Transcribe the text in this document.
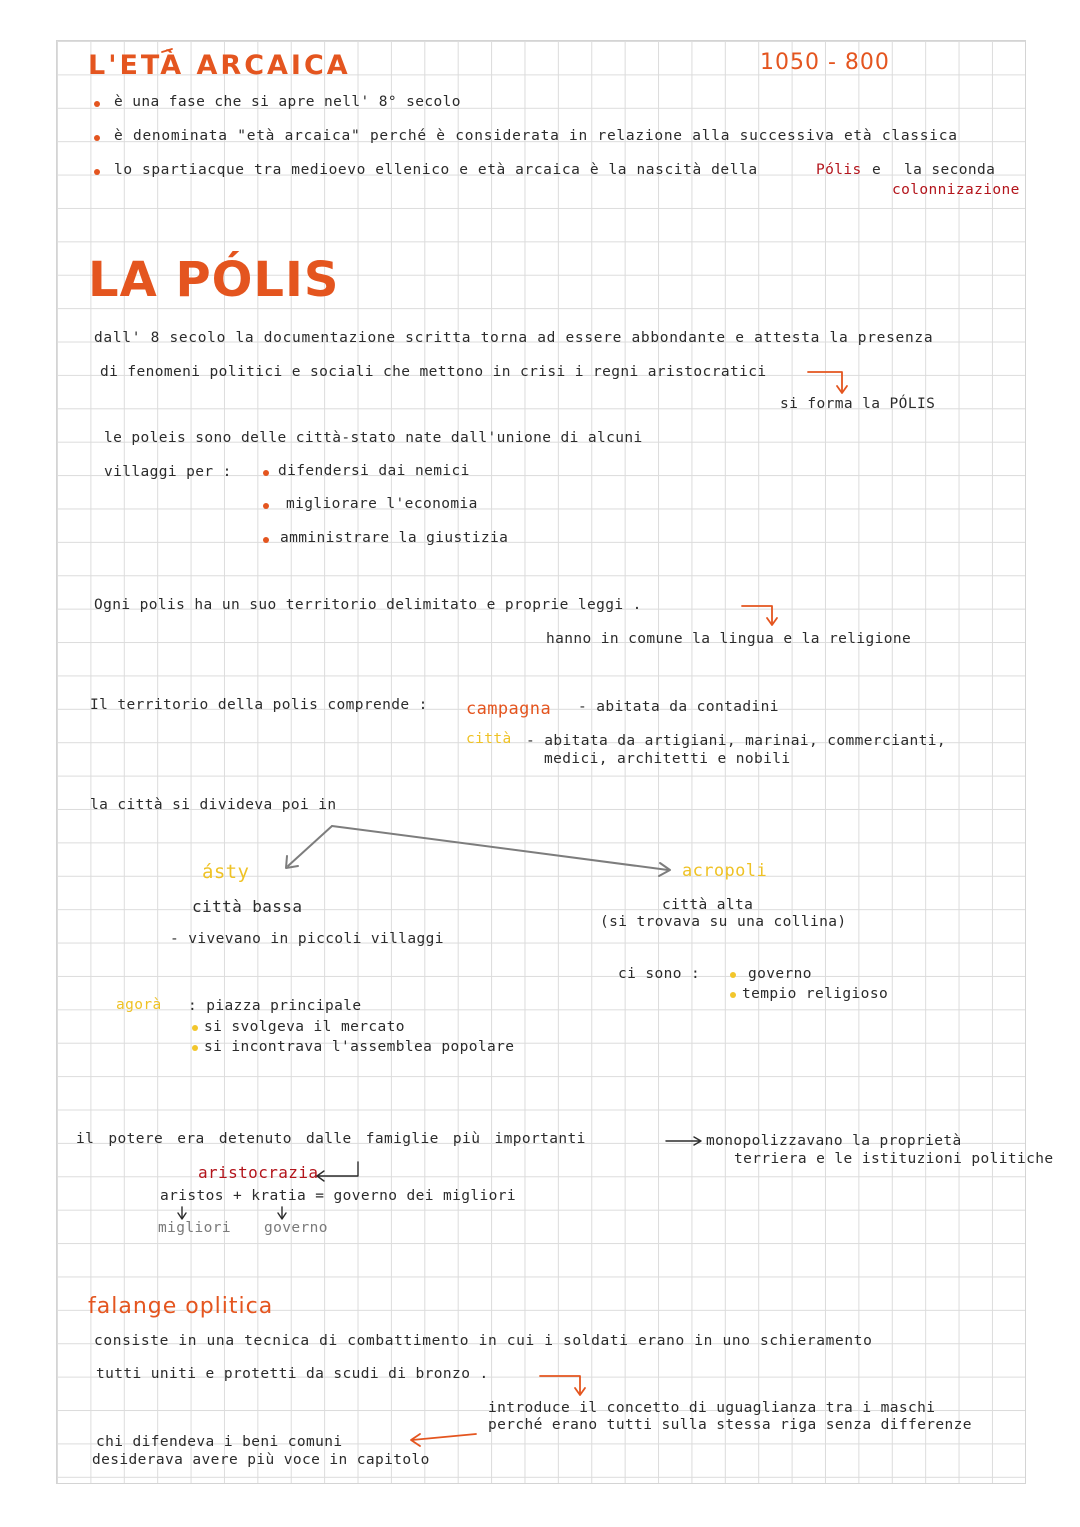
L'ETÀ ARCAICA	1050 - 800
è una fase che si apre nell' 8° secolo
è denominata "età arcaica" perché è considerata in relazione alla successiva età classica
lo spartiacque tra medioevo ellenico e età arcaica è la nascità della	Pólis e la seconda
colonnizazione
LA PÓLIS
dall' 8 secolo la documentazione scritta torna ad essere abbondante e attesta la presenza
di fenomeni politici e sociali che mettono in crisi i regni aristocratici
si forma la PÓLIS
le poleis sono delle città-stato nate dall'unione di alcuni
villaggi per :	difendersi dai nemici
migliorare l'economia
amministrare la giustizia
Ogni polis ha un suo territorio delimitato e proprie leggi .
hanno in comune la lingua e la religione
Il territorio della polis comprende : campagna - abitata da contadini
città - abitata da artigiani, marinai, commercianti,
medici, architetti e nobili
la città si divideva poi in
ásty
città bassa
- vivevano in piccoli villaggi
acropoli
città alta
(si trovava su una collina)
ci sono :	governo
tempio religioso
agorà : piazza principale
si svolgeva il mercato
si incontrava l'assemblea popolare
il potere era detenuto dalle famiglie più importanti	monopolizzavano la proprietà
terriera e le istituzioni politiche
aristocrazia
aristos + kratia = governo dei migliori
migliori governo
falange oplitica
consiste in una tecnica di combattimento in cui i soldati erano in uno schieramento
tutti uniti e protetti da scudi di bronzo .
introduce il concetto di uguaglianza tra i maschi
perché erano tutti sulla stessa riga senza differenze
chi difendeva i beni comuni
desiderava avere più voce in capitolo
